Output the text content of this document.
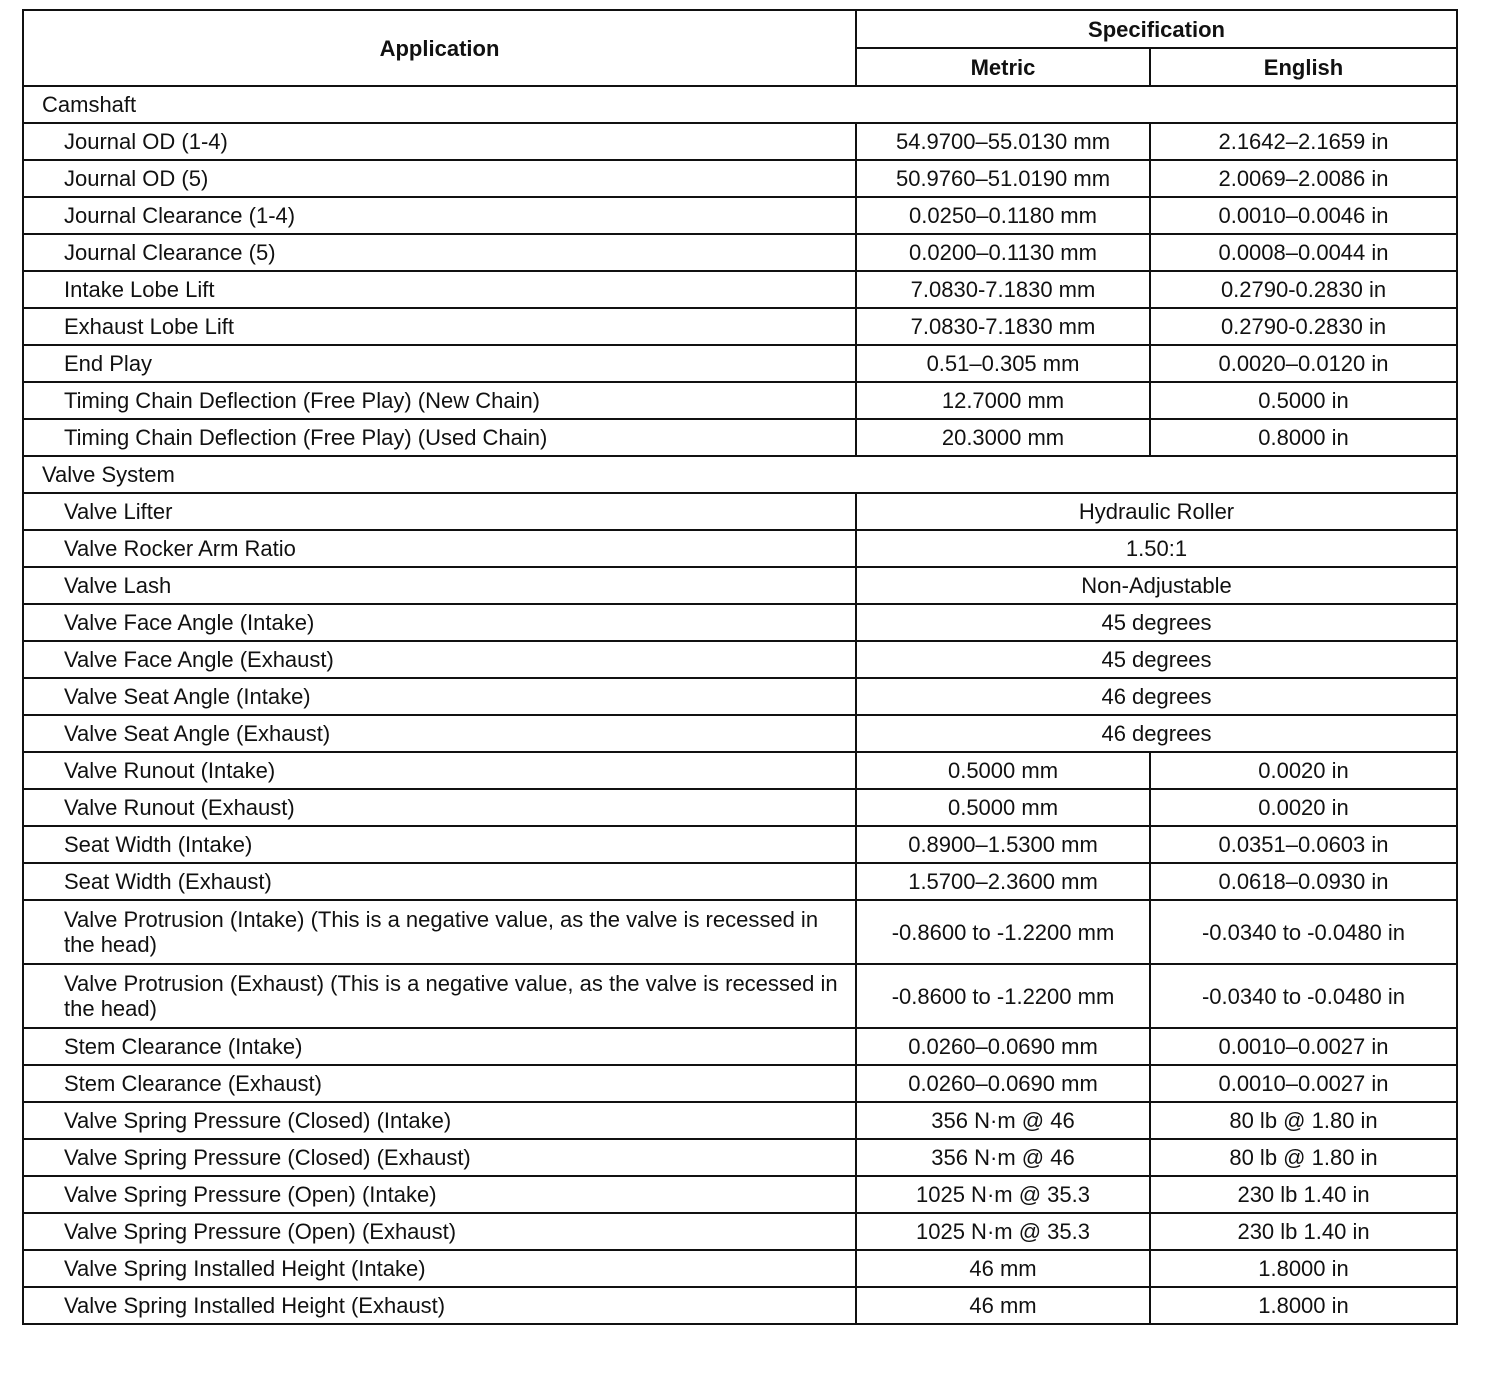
Application	Specification	
	Metric	English
Camshaft		
Journal OD (1-4)	54.9700–55.0130 mm	2.1642–2.1659 in
Journal OD (5)	50.9760–51.0190 mm	2.0069–2.0086 in
Journal Clearance (1-4)	0.0250–0.1180 mm	0.0010–0.0046 in
Journal Clearance (5)	0.0200–0.1130 mm	0.0008–0.0044 in
Intake Lobe Lift	7.0830-7.1830 mm	0.2790-0.2830 in
Exhaust Lobe Lift	7.0830-7.1830 mm	0.2790-0.2830 in
End Play	0.51–0.305 mm	0.0020–0.0120 in
Timing Chain Deflection (Free Play) (New Chain)	12.7000 mm	0.5000 in
Timing Chain Deflection (Free Play) (Used Chain)	20.3000 mm	0.8000 in
Valve System		
Valve Lifter	Hydraulic Roller	
Valve Rocker Arm Ratio	1.50:1	
Valve Lash	Non-Adjustable	
Valve Face Angle (Intake)	45 degrees	
Valve Face Angle (Exhaust)	45 degrees	
Valve Seat Angle (Intake)	46 degrees	
Valve Seat Angle (Exhaust)	46 degrees	
Valve Runout (Intake)	0.5000 mm	0.0020 in
Valve Runout (Exhaust)	0.5000 mm	0.0020 in
Seat Width (Intake)	0.8900–1.5300 mm	0.0351–0.0603 in
Seat Width (Exhaust)	1.5700–2.3600 mm	0.0618–0.0930 in
Valve Protrusion (Intake) (This is a negative value, as the valve is recessed in the head)	-0.8600 to -1.2200 mm	-0.0340 to -0.0480 in
Valve Protrusion (Exhaust) (This is a negative value, as the valve is recessed in the head)	-0.8600 to -1.2200 mm	-0.0340 to -0.0480 in
Stem Clearance (Intake)	0.0260–0.0690 mm	0.0010–0.0027 in
Stem Clearance (Exhaust)	0.0260–0.0690 mm	0.0010–0.0027 in
Valve Spring Pressure (Closed) (Intake)	356 N·m @ 46	80 lb @ 1.80 in
Valve Spring Pressure (Closed) (Exhaust)	356 N·m @ 46	80 lb @ 1.80 in
Valve Spring Pressure (Open) (Intake)	1025 N·m @ 35.3	230 lb 1.40 in
Valve Spring Pressure (Open) (Exhaust)	1025 N·m @ 35.3	230 lb 1.40 in
Valve Spring Installed Height (Intake)	46 mm	1.8000 in
Valve Spring Installed Height (Exhaust)	46 mm	1.8000 in
